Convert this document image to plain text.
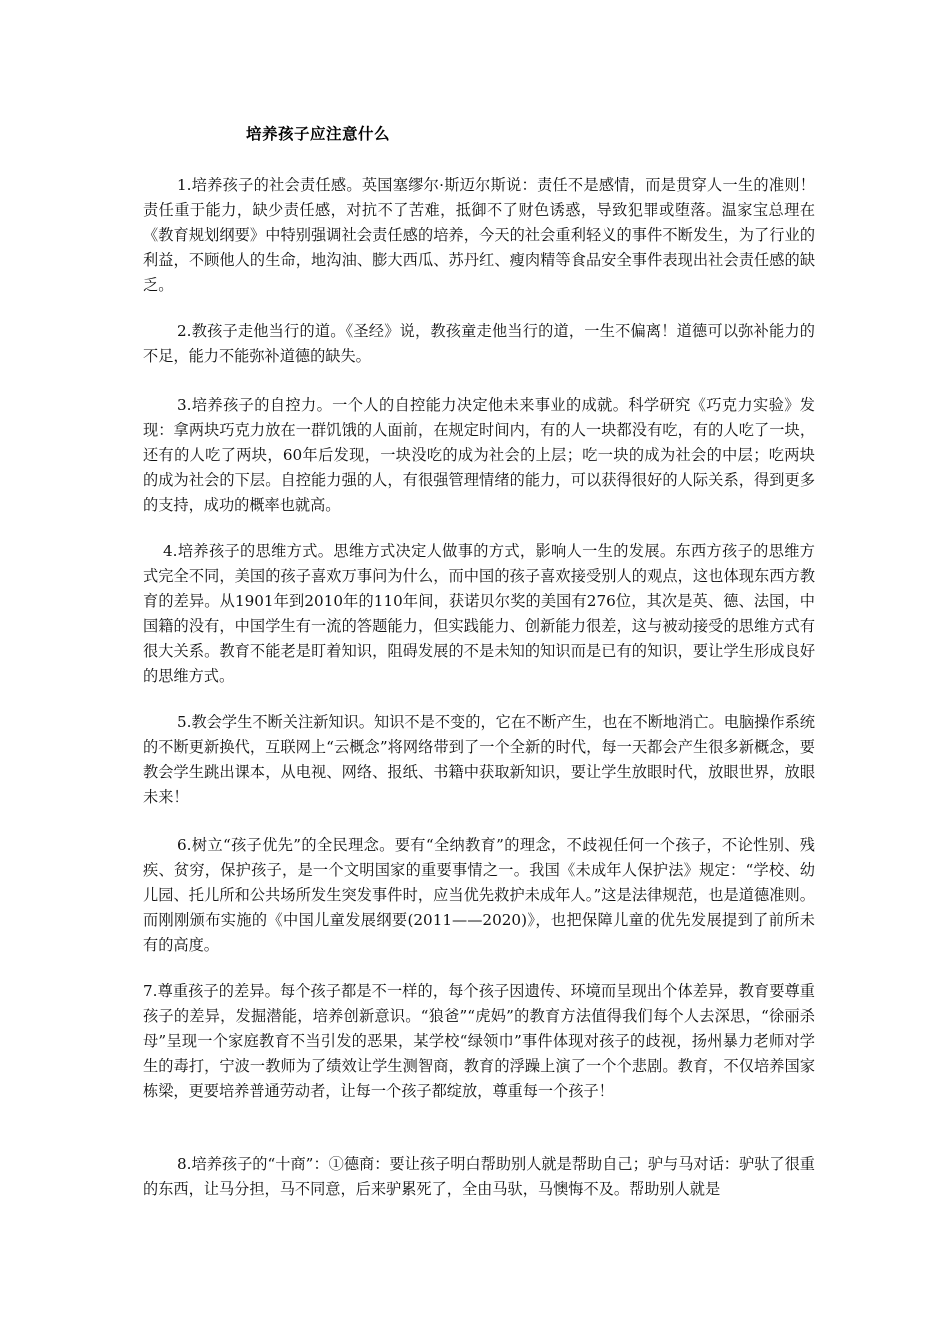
培养孩子应注意什么

1.培养孩子的社会责任感。英国塞缪尔·斯迈尔斯说：责任不是感情，而是贯穿人一生的准则！责任重于能力，缺少责任感，对抗不了苦难，抵御不了财色诱惑，导致犯罪或堕落。温家宝总理在《教育规划纲要》中特别强调社会责任感的培养，今天的社会重利轻义的事件不断发生，为了行业的利益，不顾他人的生命，地沟油、膨大西瓜、苏丹红、瘦肉精等食品安全事件表现出社会责任感的缺乏。

2.教孩子走他当行的道。《圣经》说，教孩童走他当行的道，一生不偏离！道德可以弥补能力的不足，能力不能弥补道德的缺失。

3.培养孩子的自控力。一个人的自控能力决定他未来事业的成就。科学研究《巧克力实验》发现：拿两块巧克力放在一群饥饿的人面前，在规定时间内，有的人一块都没有吃，有的人吃了一块，还有的人吃了两块，60年后发现，一块没吃的成为社会的上层；吃一块的成为社会的中层；吃两块的成为社会的下层。自控能力强的人，有很强管理情绪的能力，可以获得很好的人际关系，得到更多的支持，成功的概率也就高。

4.培养孩子的思维方式。思维方式决定人做事的方式，影响人一生的发展。东西方孩子的思维方式完全不同，美国的孩子喜欢万事问为什么，而中国的孩子喜欢接受别人的观点，这也体现东西方教育的差异。从1901年到2010年的110年间，获诺贝尔奖的美国有276位，其次是英、德、法国，中国籍的没有，中国学生有一流的答题能力，但实践能力、创新能力很差，这与被动接受的思维方式有很大关系。教育不能老是盯着知识，阻碍发展的不是未知的知识而是已有的知识，要让学生形成良好的思维方式。

5.教会学生不断关注新知识。知识不是不变的，它在不断产生，也在不断地消亡。电脑操作系统的不断更新换代，互联网上“云概念”将网络带到了一个全新的时代，每一天都会产生很多新概念，要教会学生跳出课本，从电视、网络、报纸、书籍中获取新知识，要让学生放眼时代，放眼世界，放眼未来！

6.树立“孩子优先”的全民理念。要有“全纳教育”的理念，不歧视任何一个孩子，不论性别、残疾、贫穷，保护孩子，是一个文明国家的重要事情之一。我国《未成年人保护法》规定：“学校、幼儿园、托儿所和公共场所发生突发事件时，应当优先救护未成年人。”这是法律规范，也是道德准则。而刚刚颁布实施的《中国儿童发展纲要(2011——2020)》，也把保障儿童的优先发展提到了前所未有的高度。

7.尊重孩子的差异。每个孩子都是不一样的，每个孩子因遗传、环境而呈现出个体差异，教育要尊重孩子的差异，发掘潜能，培养创新意识。“狼爸”“虎妈”的教育方法值得我们每个人去深思，“徐丽杀母”呈现一个家庭教育不当引发的恶果，某学校“绿领巾”事件体现对孩子的歧视，扬州暴力老师对学生的毒打，宁波一教师为了绩效让学生测智商，教育的浮躁上演了一个个悲剧。教育，不仅培养国家栋梁，更要培养普通劳动者，让每一个孩子都绽放，尊重每一个孩子！

8.培养孩子的“十商”：①德商：要让孩子明白帮助别人就是帮助自己；驴与马对话：驴驮了很重的东西，让马分担，马不同意，后来驴累死了，全由马驮，马懊悔不及。帮助别人就是
